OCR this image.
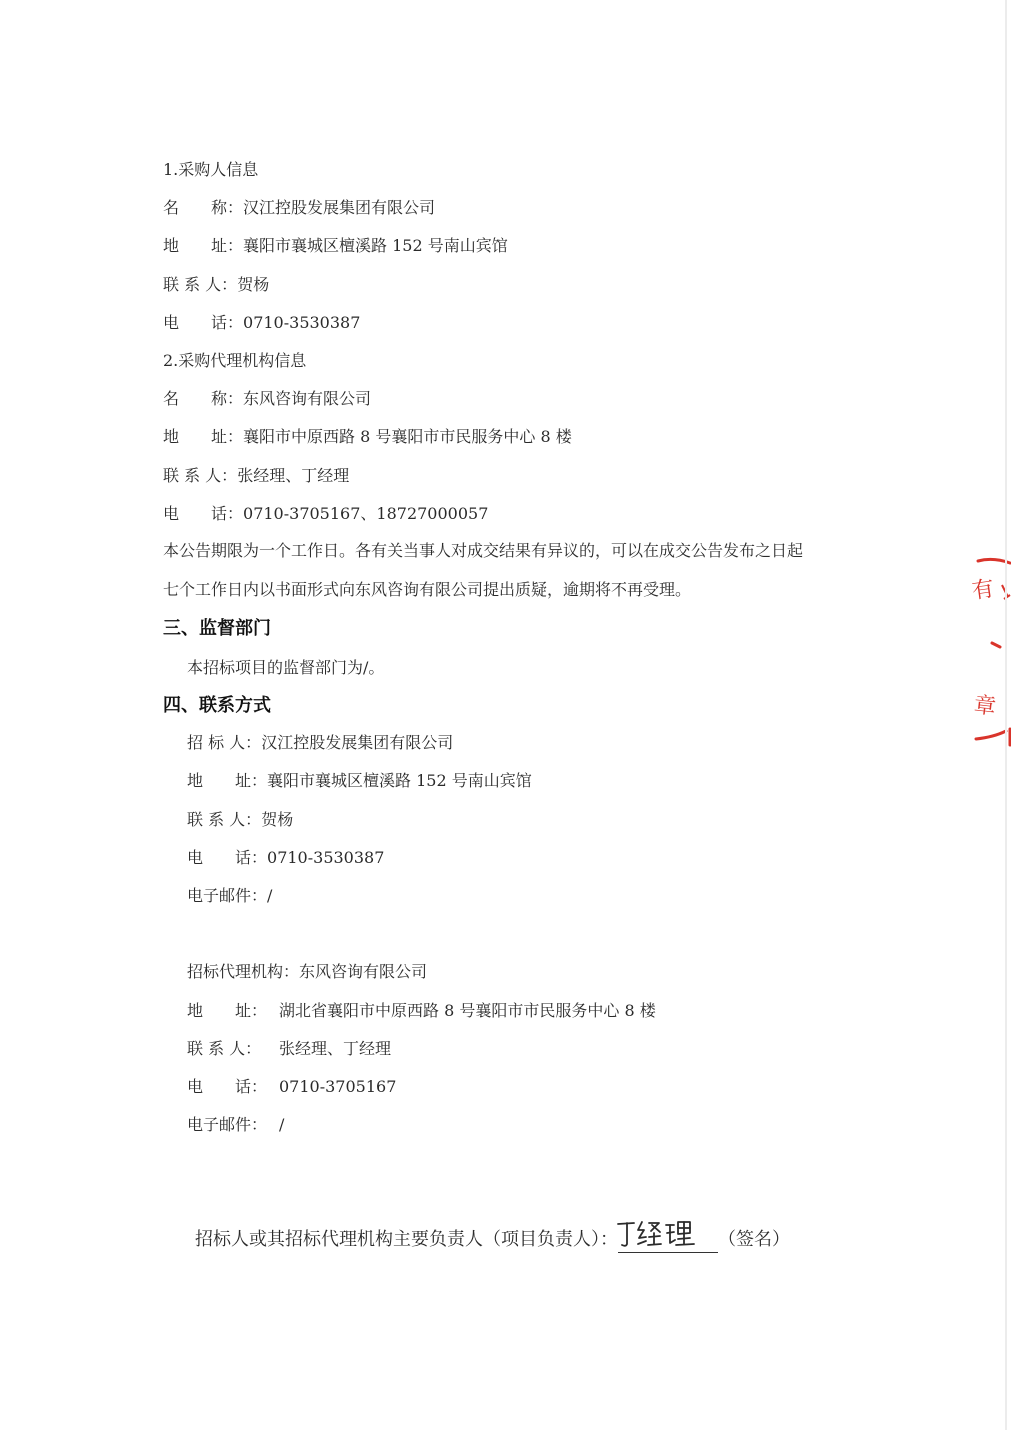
1.采购人信息
名　　称：汉江控股发展集团有限公司
地　　址：襄阳市襄城区檀溪路 152 号南山宾馆
联 系 人：贺杨
电　　话：0710-3530387
2.采购代理机构信息
名　　称：东风咨询有限公司
地　　址：襄阳市中原西路 8 号襄阳市市民服务中心 8 楼
联 系 人：张经理、丁经理
电　　话：0710-3705167、18727000057
本公告期限为一个工作日。各有关当事人对成交结果有异议的，可以在成交公告发布之日起
七个工作日内以书面形式向东风咨询有限公司提出质疑，逾期将不再受理。
三、监督部门
本招标项目的监督部门为/。
四、联系方式
招 标 人：汉江控股发展集团有限公司
地　　址：襄阳市襄城区檀溪路 152 号南山宾馆
联 系 人：贺杨
电　　话：0710-3530387
电子邮件：/
招标代理机构：东风咨询有限公司
地　　址： 湖北省襄阳市中原西路 8 号襄阳市市民服务中心 8 楼
联 系 人： 张经理、丁经理
电　　话： 0710-3705167
电子邮件： /
招标人或其招标代理机构主要负责人（项目负责人）：	（签名）
有
章
